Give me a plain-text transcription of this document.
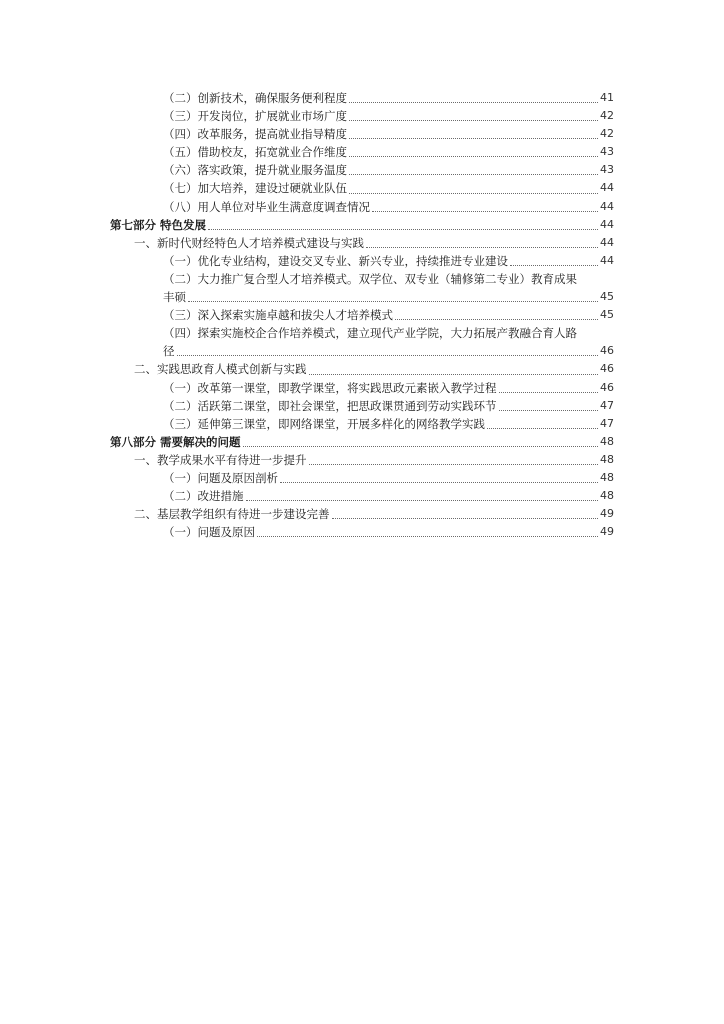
（二）创新技术，确保服务便利程度	41
（三）开发岗位，扩展就业市场广度	42
（四）改革服务，提高就业指导精度	42
（五）借助校友，拓宽就业合作维度	43
（六）落实政策，提升就业服务温度	43
（七）加大培养，建设过硬就业队伍	44
（八）用人单位对毕业生满意度调查情况	44
第七部分 特色发展	44
一、新时代财经特色人才培养模式建设与实践	44
（一）优化专业结构，建设交叉专业、新兴专业，持续推进专业建设	44
（二）大力推广复合型人才培养模式。双学位、双专业（辅修第二专业）教育成果
丰硕	45
（三）深入探索实施卓越和拔尖人才培养模式	45
（四）探索实施校企合作培养模式，建立现代产业学院，大力拓展产教融合育人路
径	46
二、实践思政育人模式创新与实践	46
（一）改革第一课堂，即教学课堂，将实践思政元素嵌入教学过程	46
（二）活跃第二课堂，即社会课堂，把思政课贯通到劳动实践环节	47
（三）延伸第三课堂，即网络课堂，开展多样化的网络教学实践	47
第八部分 需要解决的问题	48
一、教学成果水平有待进一步提升	48
（一）问题及原因剖析	48
（二）改进措施	48
二、基层教学组织有待进一步建设完善	49
（一）问题及原因	49
